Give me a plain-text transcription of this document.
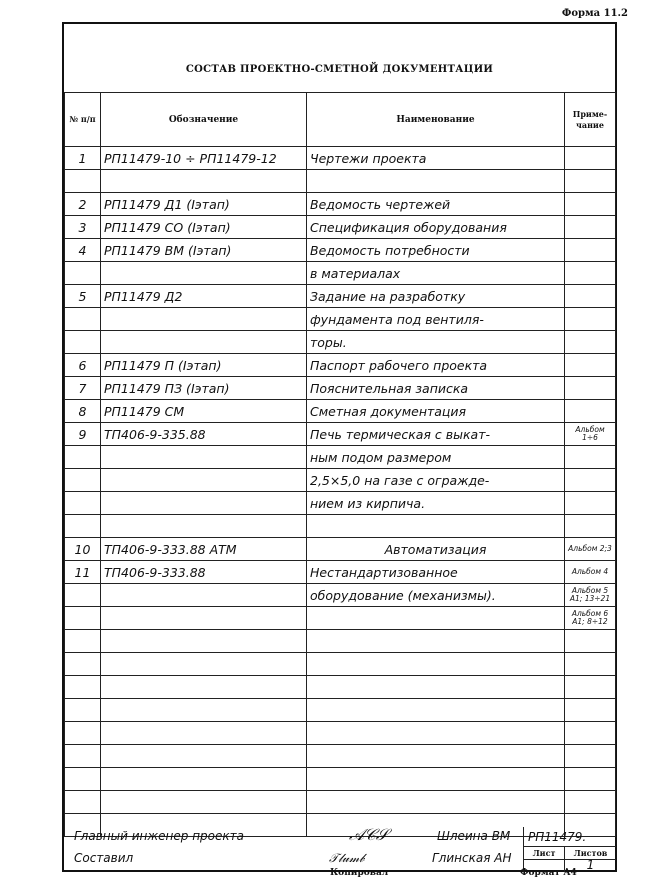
Форма 11.2
СОСТАВ ПРОЕКТНО-СМЕТНОЙ ДОКУМЕНТАЦИИ
№ п/п	Обозначение	Наименование	Приме-чание
1	РП11479-10 ÷ РП11479-12	Чертежи проекта	

2	РП11479 Д1 (Iэтап)	Ведомость чертежей	
3	РП11479 СО (Iэтап)	Спецификация оборудования	
4	РП11479 ВМ (Iэтап)	Ведомость потребности	
		в материалах	
5	РП11479 Д2	Задание на разработку	
		фундамента под вентиля-	
		торы.	
6	РП11479 П (Iэтап)	Паспорт рабочего проекта	
7	РП11479 ПЗ (Iэтап)	Пояснительная записка	
8	РП11479 СМ	Сметная документация	
9	ТП406-9-335.88	Печь термическая с выкат-	Альбом 1÷6
		ным подом размером	
		2,5×5,0 на газе с огражде-	
		нием из кирпича.	

10	ТП406-9-333.88 АТМ	Автоматизация	Альбом 2;3
11	ТП406-9-333.88	Нестандартизованное	Альбом 4
		оборудование (механизмы).	Альбом 5 А1; 13÷21
			Альбом 6 А1; 8÷12

Главный инженер проекта	𝒜𝒞𝒮	Шлеина ВМ
Составил	𝒯𝓁𝓊𝓂𝒷	Глинская АН
РП11479.
Лист	Листов
1
Копировал	Формат А4
